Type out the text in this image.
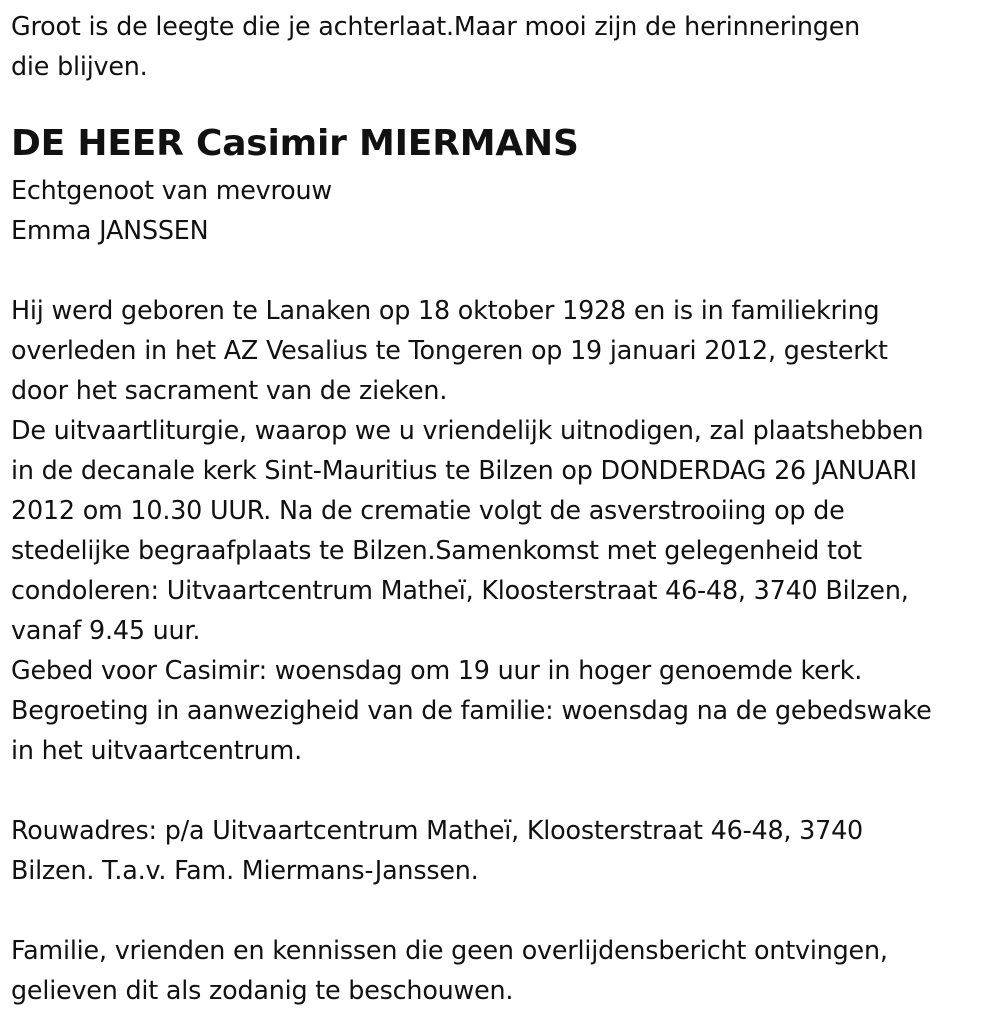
Groot is de leegte die je achterlaat.Maar mooi zijn de herinneringen
die blijven.
DE HEER Casimir MIERMANS
Echtgenoot van mevrouw
Emma JANSSEN
Hij werd geboren te Lanaken op 18 oktober 1928 en is in familiekring
overleden in het AZ Vesalius te Tongeren op 19 januari 2012, gesterkt
door het sacrament van de zieken.
De uitvaartliturgie, waarop we u vriendelijk uitnodigen, zal plaatshebben
in de decanale kerk Sint-Mauritius te Bilzen op DONDERDAG 26 JANUARI
2012 om 10.30 UUR. Na de crematie volgt de asverstrooiing op de
stedelijke begraafplaats te Bilzen.Samenkomst met gelegenheid tot
condoleren: Uitvaartcentrum Matheï, Kloosterstraat 46-48, 3740 Bilzen,
vanaf 9.45 uur.
Gebed voor Casimir: woensdag om 19 uur in hoger genoemde kerk.
Begroeting in aanwezigheid van de familie: woensdag na de gebedswake
in het uitvaartcentrum.
Rouwadres: p/a Uitvaartcentrum Matheï, Kloosterstraat 46-48, 3740
Bilzen. T.a.v. Fam. Miermans-Janssen.
Familie, vrienden en kennissen die geen overlijdensbericht ontvingen,
gelieven dit als zodanig te beschouwen.
